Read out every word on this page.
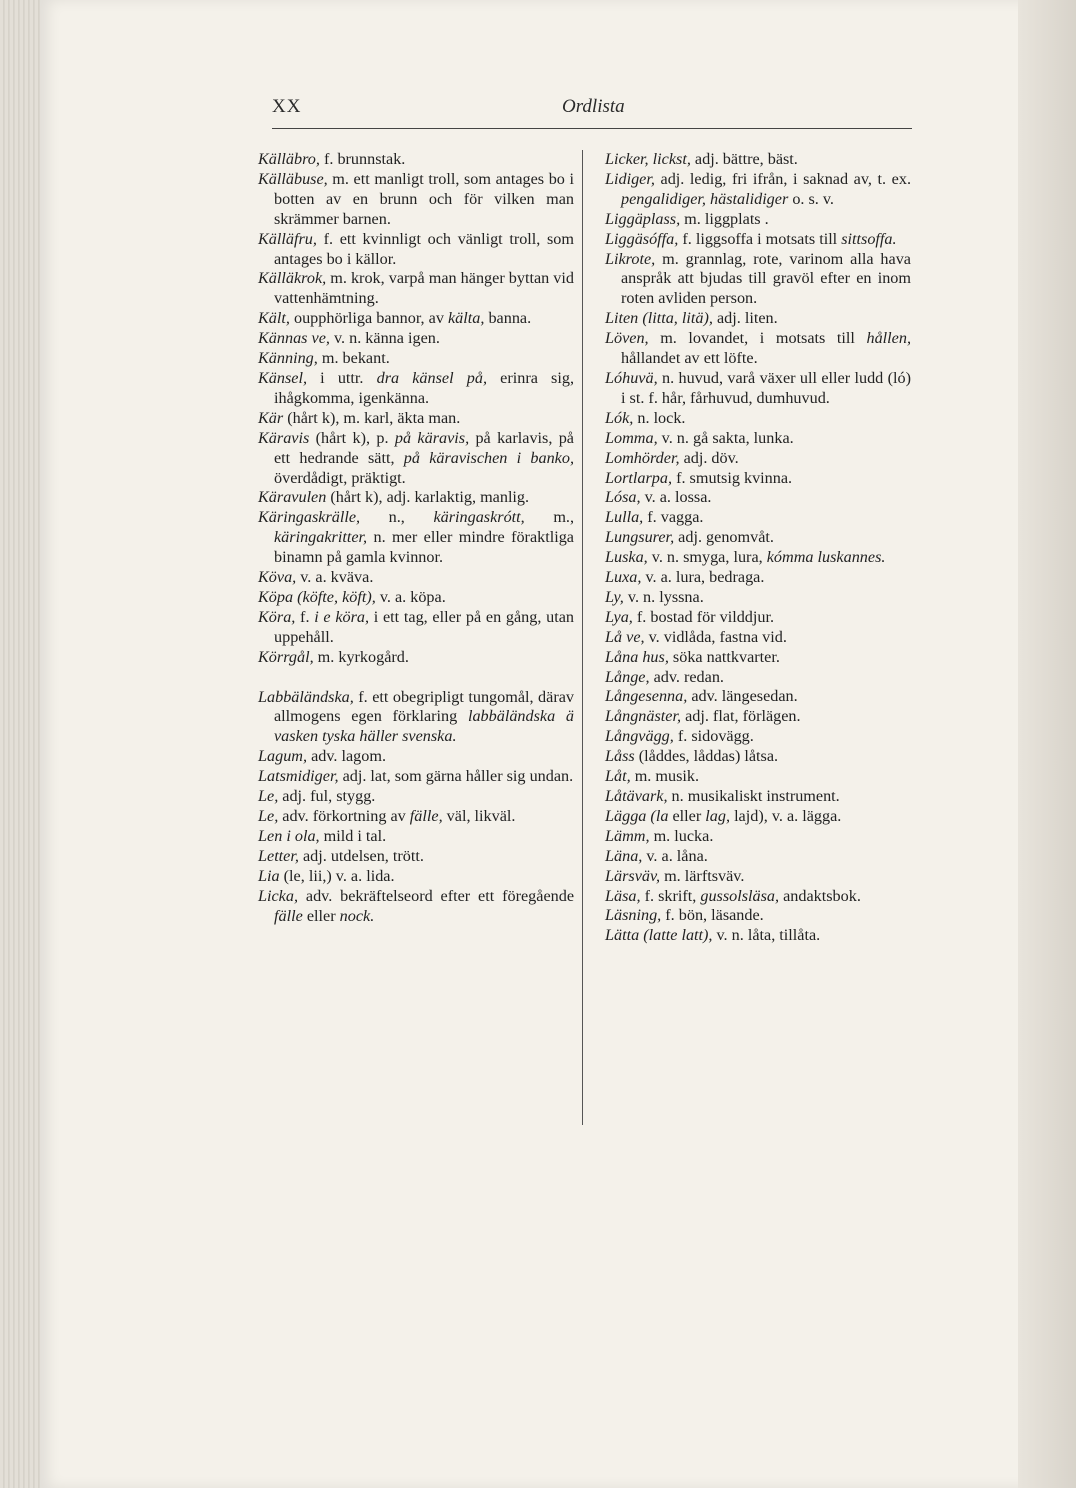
XX	Ordlista

Källäbro, f. brunnstak.

Källäbuse, m. ett manligt troll, som antages bo i botten av en brunn och för vilken man skrämmer barnen.

Källäfru, f. ett kvinnligt och vänligt troll, som antages bo i källor.

Källäkrok, m. krok, varpå man hänger byttan vid vattenhämtning.

Kält, oupphörliga bannor, av kälta, banna.

Kännas ve, v. n. känna igen.

Känning, m. bekant.

Känsel, i uttr. dra känsel på, erinra sig, ihågkomma, igenkänna.

Kär (hårt k), m. karl, äkta man.

Käravis (hårt k), p. på käravis, på karlavis, på ett hedrande sätt, på käravischen i banko, överdådigt, präktigt.

Käravulen (hårt k), adj. karlaktig, manlig.

Käringaskrälle, n., käringaskrótt, m., käringakritter, n. mer eller mindre föraktliga binamn på gamla kvinnor.

Köva, v. a. kväva.

Köpa (köfte, köft), v. a. köpa.

Köra, f. i e köra, i ett tag, eller på en gång, utan uppehåll.

Körrgål, m. kyrkogård.

Labbäländska, f. ett obegripligt tungomål, därav allmogens egen förklaring labbäländska ä vasken tyska häller svenska.

Lagum, adv. lagom.

Latsmidiger, adj. lat, som gärna håller sig undan.

Le, adj. ful, stygg.

Le, adv. förkortning av fälle, väl, likväl.

Len i ola, mild i tal.

Letter, adj. utdelsen, trött.

Lia (le, lii,) v. a. lida.

Licka, adv. bekräftelseord efter ett föregående fälle eller nock.

Licker, lickst, adj. bättre, bäst.

Lidiger, adj. ledig, fri ifrån, i saknad av, t. ex. pengalidiger, hästalidiger o. s. v.

Liggäplass, m. liggplats .

Liggäsóffa, f. liggsoffa i motsats till sittsoffa.

Likrote, m. grannlag, rote, varinom alla hava anspråk att bjudas till gravöl efter en inom roten avliden person.

Liten (litta, litä), adj. liten.

Löven, m. lovandet, i motsats till hållen, hållandet av ett löfte.

Lóhuvä, n. huvud, varå växer ull eller ludd (ló) i st. f. hår, fårhuvud, dumhuvud.

Lók, n. lock.

Lomma, v. n. gå sakta, lunka.

Lomhörder, adj. döv.

Lortlarpa, f. smutsig kvinna.

Lósa, v. a. lossa.

Lulla, f. vagga.

Lungsurer, adj. genomvåt.

Luska, v. n. smyga, lura, kómma luskannes.

Luxa, v. a. lura, bedraga.

Ly, v. n. lyssna.

Lya, f. bostad för vilddjur.

Lå ve, v. vidlåda, fastna vid.

Låna hus, söka nattkvarter.

Långe, adv. redan.

Långesenna, adv. längesedan.

Långnäster, adj. flat, förlägen.

Långvägg, f. sidovägg.

Låss (låddes, låddas) låtsa.

Låt, m. musik.

Låtävark, n. musikaliskt instrument.

Lägga (la eller lag, lajd), v. a. lägga.

Lämm, m. lucka.

Läna, v. a. låna.

Lärsväv, m. lärftsväv.

Läsa, f. skrift, gussolsläsa, andaktsbok.

Läsning, f. bön, läsande.

Lätta (latte latt), v. n. låta, tillåta.
